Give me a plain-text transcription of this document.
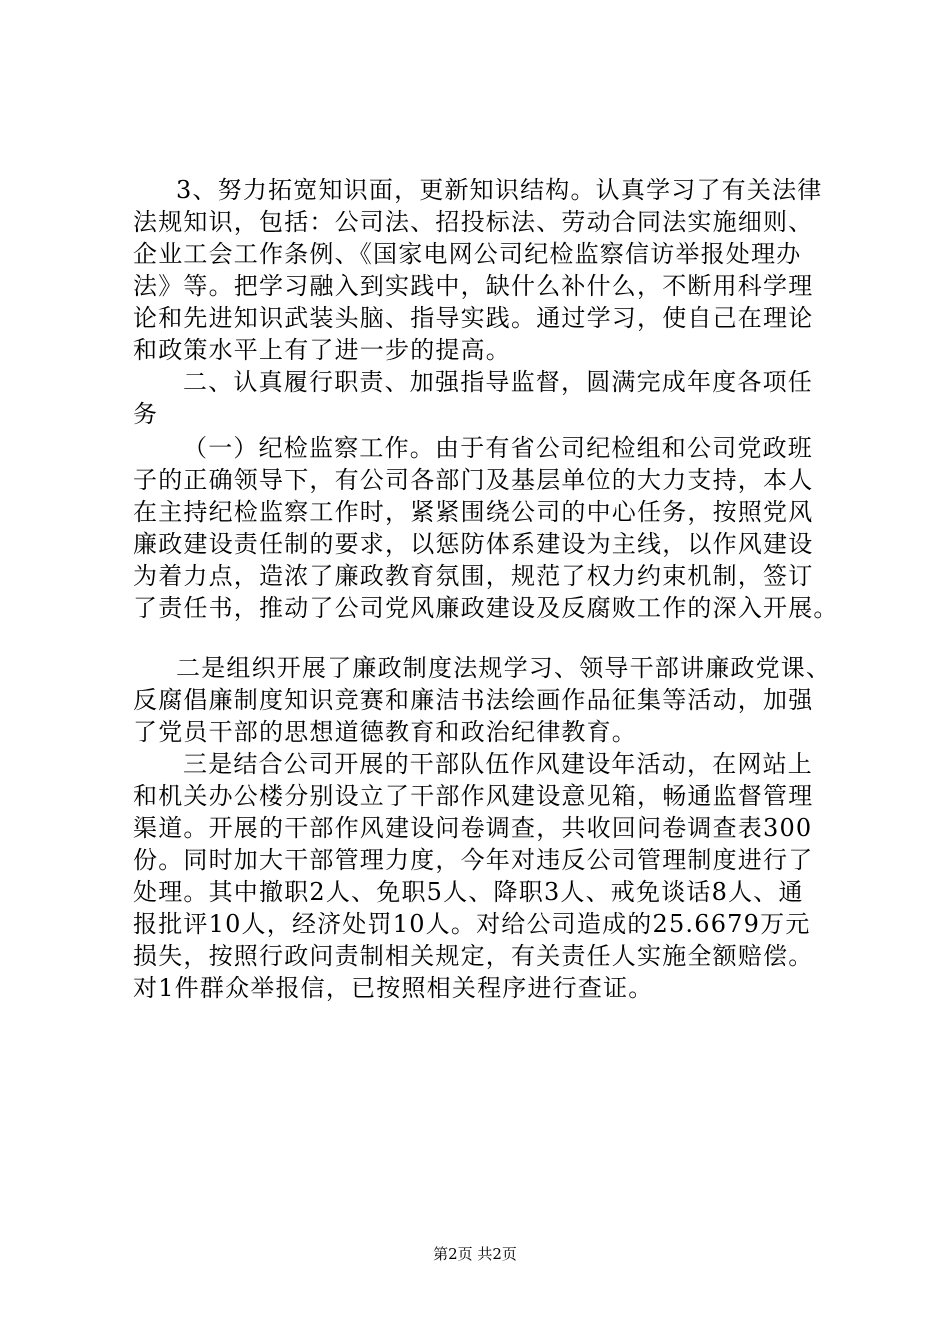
3、努力拓宽知识面，更新知识结构。认真学习了有关法律
法规知识，包括：公司法、招投标法、劳动合同法实施细则、
企业工会工作条例、《国家电网公司纪检监察信访举报处理办
法》等。把学习融入到实践中，缺什么补什么，不断用科学理
论和先进知识武装头脑、指导实践。通过学习，使自己在理论
和政策水平上有了进一步的提高。
二、认真履行职责、加强指导监督，圆满完成年度各项任
务
（一）纪检监察工作。由于有省公司纪检组和公司党政班
子的正确领导下，有公司各部门及基层单位的大力支持，本人
在主持纪检监察工作时，紧紧围绕公司的中心任务，按照党风
廉政建设责任制的要求，以惩防体系建设为主线，以作风建设
为着力点，造浓了廉政教育氛围，规范了权力约束机制，签订
了责任书，推动了公司党风廉政建设及反腐败工作的深入开展。
二是组织开展了廉政制度法规学习、领导干部讲廉政党课、
反腐倡廉制度知识竞赛和廉洁书法绘画作品征集等活动，加强
了党员干部的思想道德教育和政治纪律教育。
三是结合公司开展的干部队伍作风建设年活动，在网站上
和机关办公楼分别设立了干部作风建设意见箱，畅通监督管理
渠道。开展的干部作风建设问卷调查，共收回问卷调查表300
份。同时加大干部管理力度，今年对违反公司管理制度进行了
处理。其中撤职2人、免职5人、降职3人、戒免谈话8人、通
报批评10人，经济处罚10人。对给公司造成的25.6679万元
损失，按照行政问责制相关规定，有关责任人实施全额赔偿。
对1件群众举报信，已按照相关程序进行查证。
第2页 共2页
